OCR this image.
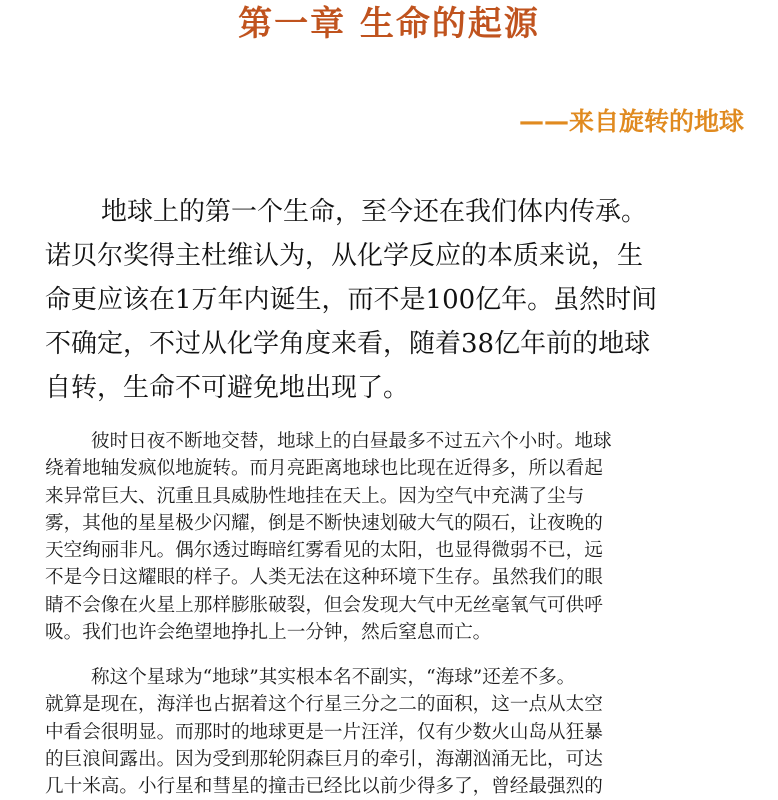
第一章 生命的起源
——来自旋转的地球
地球上的第一个生命，至今还在我们体内传承。
诺贝尔奖得主杜维认为，从化学反应的本质来说，生
命更应该在1万年内诞生，而不是100亿年。虽然时间
不确定，不过从化学角度来看，随着38亿年前的地球
自转，生命不可避免地出现了。
彼时日夜不断地交替，地球上的白昼最多不过五六个小时。地球
绕着地轴发疯似地旋转。而月亮距离地球也比现在近得多，所以看起
来异常巨大、沉重且具威胁性地挂在天上。因为空气中充满了尘与
雾，其他的星星极少闪耀，倒是不断快速划破大气的陨石，让夜晚的
天空绚丽非凡。偶尔透过晦暗红雾看见的太阳，也显得微弱不已，远
不是今日这耀眼的样子。人类无法在这种环境下生存。虽然我们的眼
睛不会像在火星上那样膨胀破裂，但会发现大气中无丝毫氧气可供呼
吸。我们也许会绝望地挣扎上一分钟，然后窒息而亡。
称这个星球为“地球”其实根本名不副实，“海球”还差不多。
就算是现在，海洋也占据着这个行星三分之二的面积，这一点从太空
中看会很明显。而那时的地球更是一片汪洋，仅有少数火山岛从狂暴
的巨浪间露出。因为受到那轮阴森巨月的牵引，海潮汹涌无比，可达
几十米高。小行星和彗星的撞击已经比以前少得多了，曾经最强烈的
